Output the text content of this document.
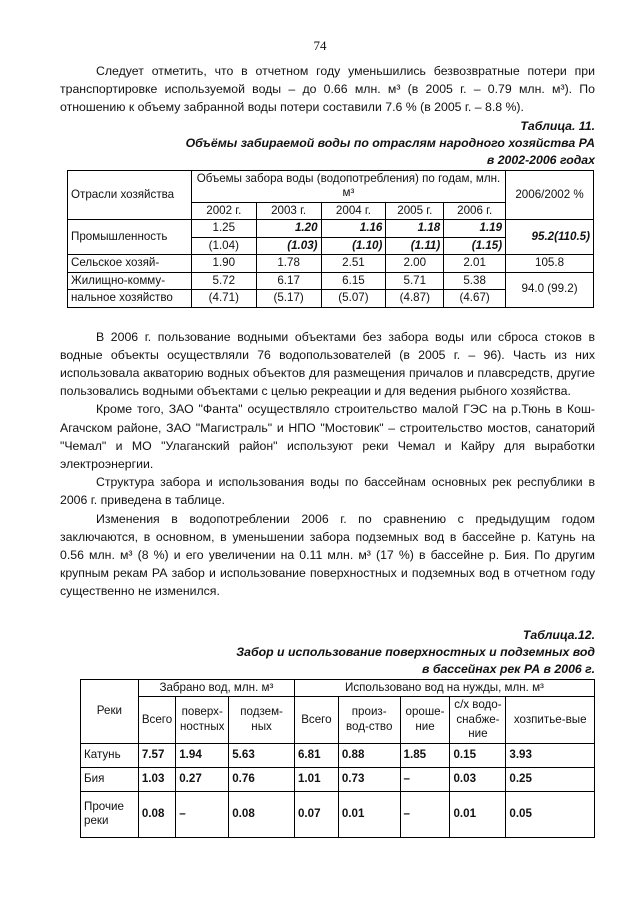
74

Следует отметить, что в отчетном году уменьшились безвозвратные потери при транспортировке используемой воды – до 0.66 млн. м³ (в 2005 г. – 0.79 млн. м³). По отношению к объему забранной воды потери составили 7.6 % (в 2005 г. – 8.8 %).

Таблица. 11.
Объёмы забираемой воды по отраслям народного хозяйства РА
в 2002-2006 годах
Отрасли хозяйства	Объемы забора воды (водопотребления) по годам, млн. м³					2006/2002 %
	2002 г.	2003 г.	2004 г.	2005 г.	2006 г.	
Промышленность	1.25	1.20	1.16	1.18	1.19	95.2(110.5)
	(1.04)	(1.03)	(1.10)	(1.11)	(1.15)	
Сельское хозяй-	1.90	1.78	2.51	2.00	2.01	105.8
Жилищно-комму-	5.72	6.17	6.15	5.71	5.38	94.0 (99.2)
нальное хозяйство	(4.71)	(5.17)	(5.07)	(4.87)	(4.67)	

В 2006 г. пользование водными объектами без забора воды или сброса стоков в водные объекты осуществляли 76 водопользователей (в 2005 г. – 96). Часть из них использовала акваторию водных объектов для размещения причалов и плавсредств, другие пользовались водными объектами с целью рекреации и для ведения рыбного хозяйства.

Кроме того, ЗАО "Фанта" осуществляло строительство малой ГЭС на р.Тюнь в Кош-Агачском районе, ЗАО "Магистраль" и НПО "Мостовик" – строительство мостов, санаторий "Чемал" и МО "Улаганский район" используют реки Чемал и Кайру для выработки электроэнергии.

Структура забора и использования воды по бассейнам основных рек республики в 2006 г. приведена в таблице.

Изменения в водопотреблении 2006 г. по сравнению с предыдущим годом заключаются, в основном, в уменьшении забора подземных вод в бассейне р. Катунь на 0.56 млн. м³ (8 %) и его увеличении на 0.11 млн. м³ (17 %) в бассейне р. Бия. По другим крупным рекам РА забор и использование поверхностных и подземных вод в отчетном году существенно не изменился.

Таблица.12.
Забор и использование поверхностных и подземных вод
в бассейнах рек РА в 2006 г.
Реки	Забрано вод, млн. м³			Использовано вод на нужды, млн. м³				
	Всего	поверх-ностных	подзем-ных	Всего	произ-вод-ство	ороше-ние	с/х водо-снабже-ние	хозпитье-вые
Катунь	7.57	1.94	5.63	6.81	0.88	1.85	0.15	3.93
Бия	1.03	0.27	0.76	1.01	0.73	–	0.03	0.25
Прочие реки	0.08	–	0.08	0.07	0.01	–	0.01	0.05
